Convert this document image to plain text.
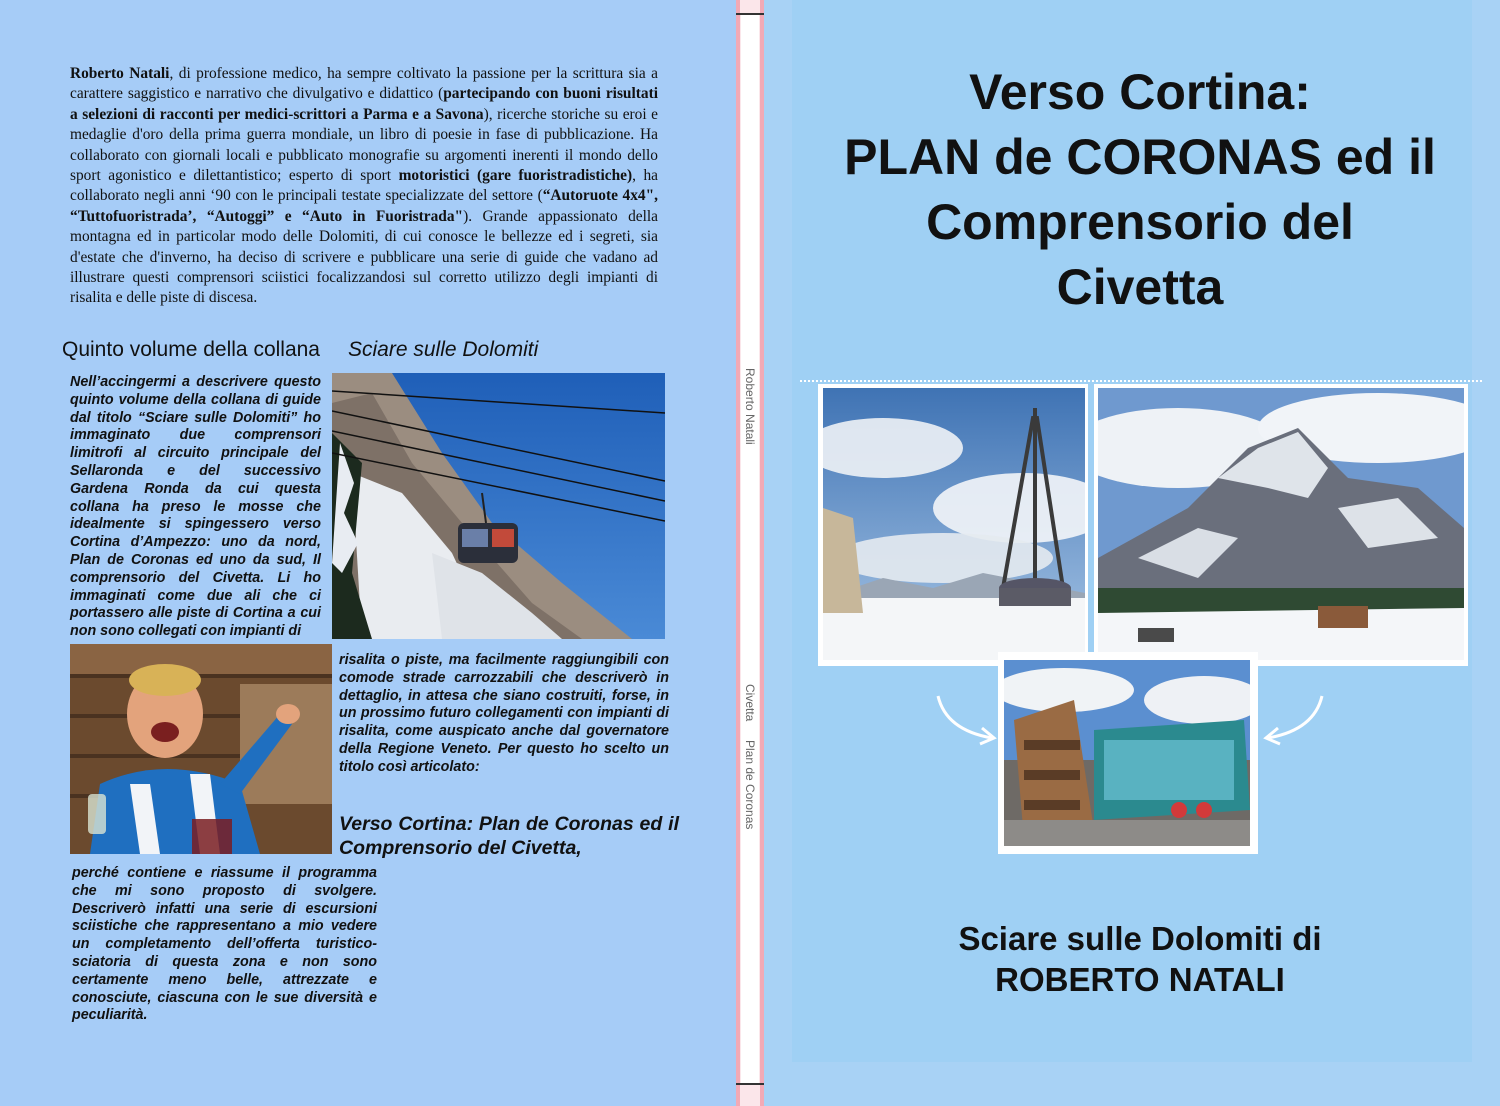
Roberto Natali, di professione medico, ha sempre coltivato la passione per la scrittura sia a carattere saggistico e narrativo che divulgativo e didattico (partecipando con buoni risultati a selezioni di racconti per medici-scrittori a Parma e a Savona), ricerche storiche su eroi e medaglie d'oro della prima guerra mondiale, un libro di poesie in fase di pubblicazione. Ha collaborato con giornali locali e pubblicato monografie su argomenti inerenti il mondo dello sport agonistico e dilettantistico; esperto di sport motoristici (gare fuoristradistiche), ha collaborato negli anni ‘90 con le principali testate specializzate del settore (“Autoruote 4x4", “Tuttofuoristrada’, “Autoggi” e “Auto in Fuoristrada"). Grande appassionato della montagna ed in particolar modo delle Dolomiti, di cui conosce le bellezze ed i segreti, sia d'estate che d'inverno, ha deciso di scrivere e pubblicare una serie di guide che vadano ad illustrare questi comprensori sciistici focalizzandosi sul corretto utilizzo degli impianti di risalita e delle piste di discesa.
Quinto volume della collana Sciare sulle Dolomiti
Nell’accingermi a descrivere questo quinto volume della collana di guide dal titolo “Sciare sulle Dolomiti” ho immaginato due comprensori limitrofi al circuito principale del Sellaronda e del successivo Gardena Ronda da cui questa collana ha preso le mosse che idealmente si spingessero verso Cortina d’Ampezzo: uno da nord, Plan de Coronas ed uno da sud, Il comprensorio del Civetta. Li ho immaginati come due ali che ci portassero alle piste di Cortina a cui non sono collegati con impianti di
risalita o piste, ma facilmente raggiungibili con comode strade carrozzabili che descriverò in dettaglio, in attesa che siano costruiti, forse, in un prossimo futuro collegamenti con impianti di risalita, come auspicato anche dal governatore della Regione Veneto. Per questo ho scelto un titolo così articolato:
Verso Cortina: Plan de Coronas ed il Comprensorio del Civetta,
perché contiene e riassume il programma che mi sono proposto di svolgere. Descriverò infatti una serie di escursioni sciistiche che rappresentano a mio vedere un completamento dell’offerta turistico-sciatoria di questa zona e non sono certamente meno belle, attrezzate e conosciute, ciascuna con le sue diversità e peculiarità.
Roberto Natali
Civetta
Plan de Coronas
Verso Cortina:
PLAN de CORONAS ed il
Comprensorio del
Civetta
Sciare sulle Dolomiti di
ROBERTO NATALI
